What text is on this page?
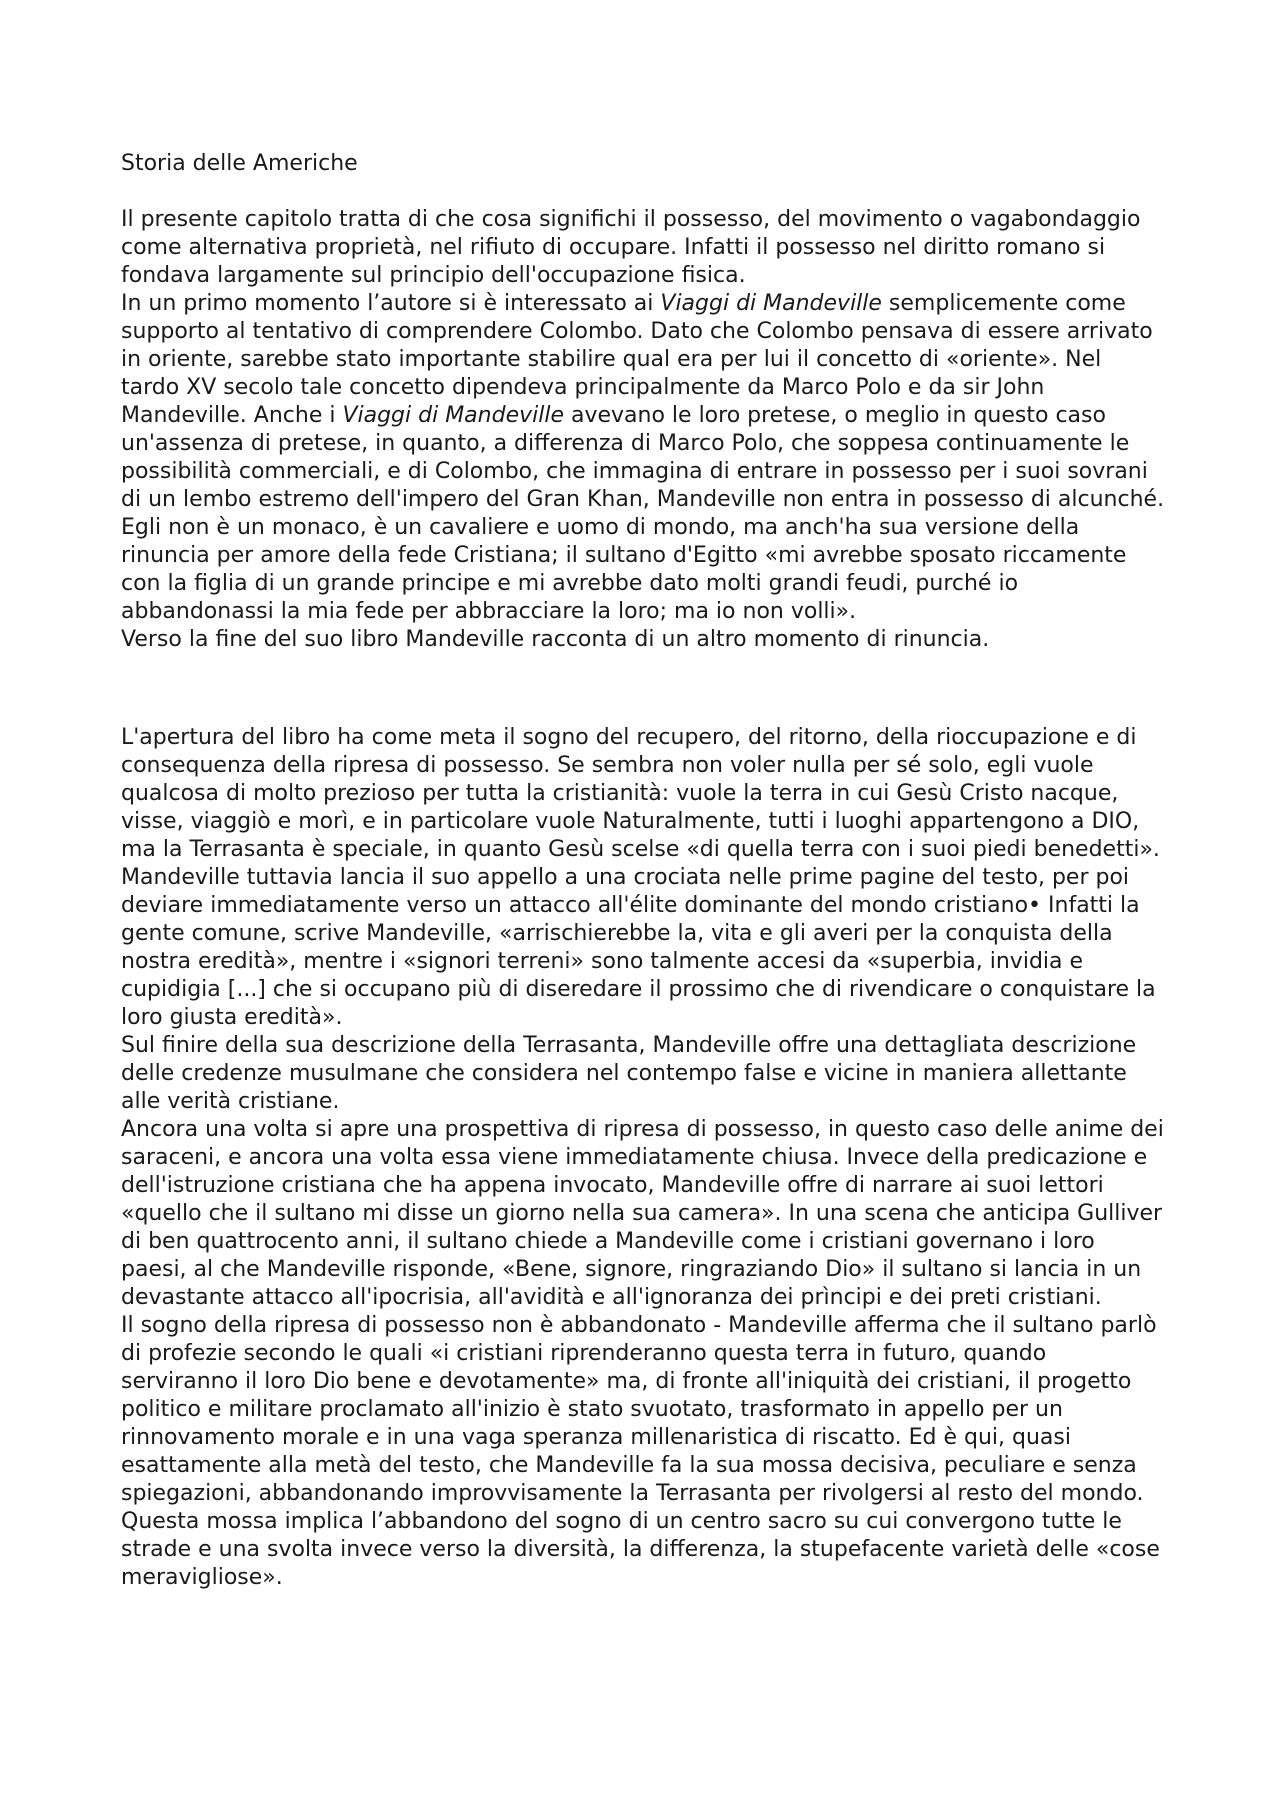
Storia delle Americhe

Il presente capitolo tratta di che cosa significhi il possesso, del movimento o vagabondaggio come alternativa proprietà, nel rifiuto di occupare. Infatti il possesso nel diritto romano si fondava largamente sul principio dell'occupazione fisica.

In un primo momento l’autore si è interessato ai Viaggi di Mandeville semplicemente come supporto al tentativo di comprendere Colombo. Dato che Colombo pensava di essere arrivato in oriente, sarebbe stato importante stabilire qual era per lui il concetto di «oriente». Nel tardo XV secolo tale concetto dipendeva principalmente da Marco Polo e da sir John Mandeville. Anche i Viaggi di Mandeville avevano le loro pretese, o meglio in questo caso un'assenza di pretese, in quanto, a differenza di Marco Polo, che soppesa continuamente le possibilità commerciali, e di Colombo, che immagina di entrare in possesso per i suoi sovrani di un lembo estremo dell'impero del Gran Khan, Mandeville non entra in possesso di alcunché.

Egli non è un monaco, è un cavaliere e uomo di mondo, ma anch'ha sua versione della rinuncia per amore della fede Cristiana; il sultano d'Egitto «mi avrebbe sposato riccamente con la figlia di un grande principe e mi avrebbe dato molti grandi feudi, purché io abbandonassi la mia fede per abbracciare la loro; ma io non volli».

Verso la fine del suo libro Mandeville racconta di un altro momento di rinuncia.

L'apertura del libro ha come meta il sogno del recupero, del ritorno, della rioccupazione e di consequenza della ripresa di possesso. Se sembra non voler nulla per sé solo, egli vuole qualcosa di molto prezioso per tutta la cristianità: vuole la terra in cui Gesù Cristo nacque, visse, viaggiò e morì, e in particolare vuole Naturalmente, tutti i luoghi appartengono a DIO, ma la Terrasanta è speciale, in quanto Gesù scelse «di quella terra con i suoi piedi benedetti».

Mandeville tuttavia lancia il suo appello a una crociata nelle prime pagine del testo, per poi deviare immediatamente verso un attacco all'élite dominante del mondo cristiano• Infatti la gente comune, scrive Mandeville, «arrischierebbe la, vita e gli averi per la conquista della nostra eredità», mentre i «signori terreni» sono talmente accesi da «superbia, invidia e cupidigia [...] che si occupano più di diseredare il prossimo che di rivendicare o conquistare la loro giusta eredità».

Sul finire della sua descrizione della Terrasanta, Mandeville offre una dettagliata descrizione delle credenze musulmane che considera nel contempo false e vicine in maniera allettante alle verità cristiane.

Ancora una volta si apre una prospettiva di ripresa di possesso, in questo caso delle anime dei saraceni, e ancora una volta essa viene immediatamente chiusa. Invece della predicazione e dell'istruzione cristiana che ha appena invocato, Mandeville offre di narrare ai suoi lettori «quello che il sultano mi disse un giorno nella sua camera». In una scena che anticipa Gulliver di ben quattrocento anni, il sultano chiede a Mandeville come i cristiani governano i loro paesi, al che Mandeville risponde, «Bene, signore, ringraziando Dio» il sultano si lancia in un devastante attacco all'ipocrisia, all'avidità e all'ignoranza dei prìncipi e dei preti cristiani.

Il sogno della ripresa di possesso non è abbandonato - Mandeville afferma che il sultano parlò di profezie secondo le quali «i cristiani riprenderanno questa terra in futuro, quando serviranno il loro Dio bene e devotamente» ma, di fronte all'iniquità dei cristiani, il progetto politico e militare proclamato all'inizio è stato svuotato, trasformato in appello per un rinnovamento morale e in una vaga speranza millenaristica di riscatto. Ed è qui, quasi esattamente alla metà del testo, che Mandeville fa la sua mossa decisiva, peculiare e senza spiegazioni, abbandonando improvvisamente la Terrasanta per rivolgersi al resto del mondo. Questa mossa implica l’abbandono del sogno di un centro sacro su cui convergono tutte le strade e una svolta invece verso la diversità, la differenza, la stupefacente varietà delle «cose meravigliose».
